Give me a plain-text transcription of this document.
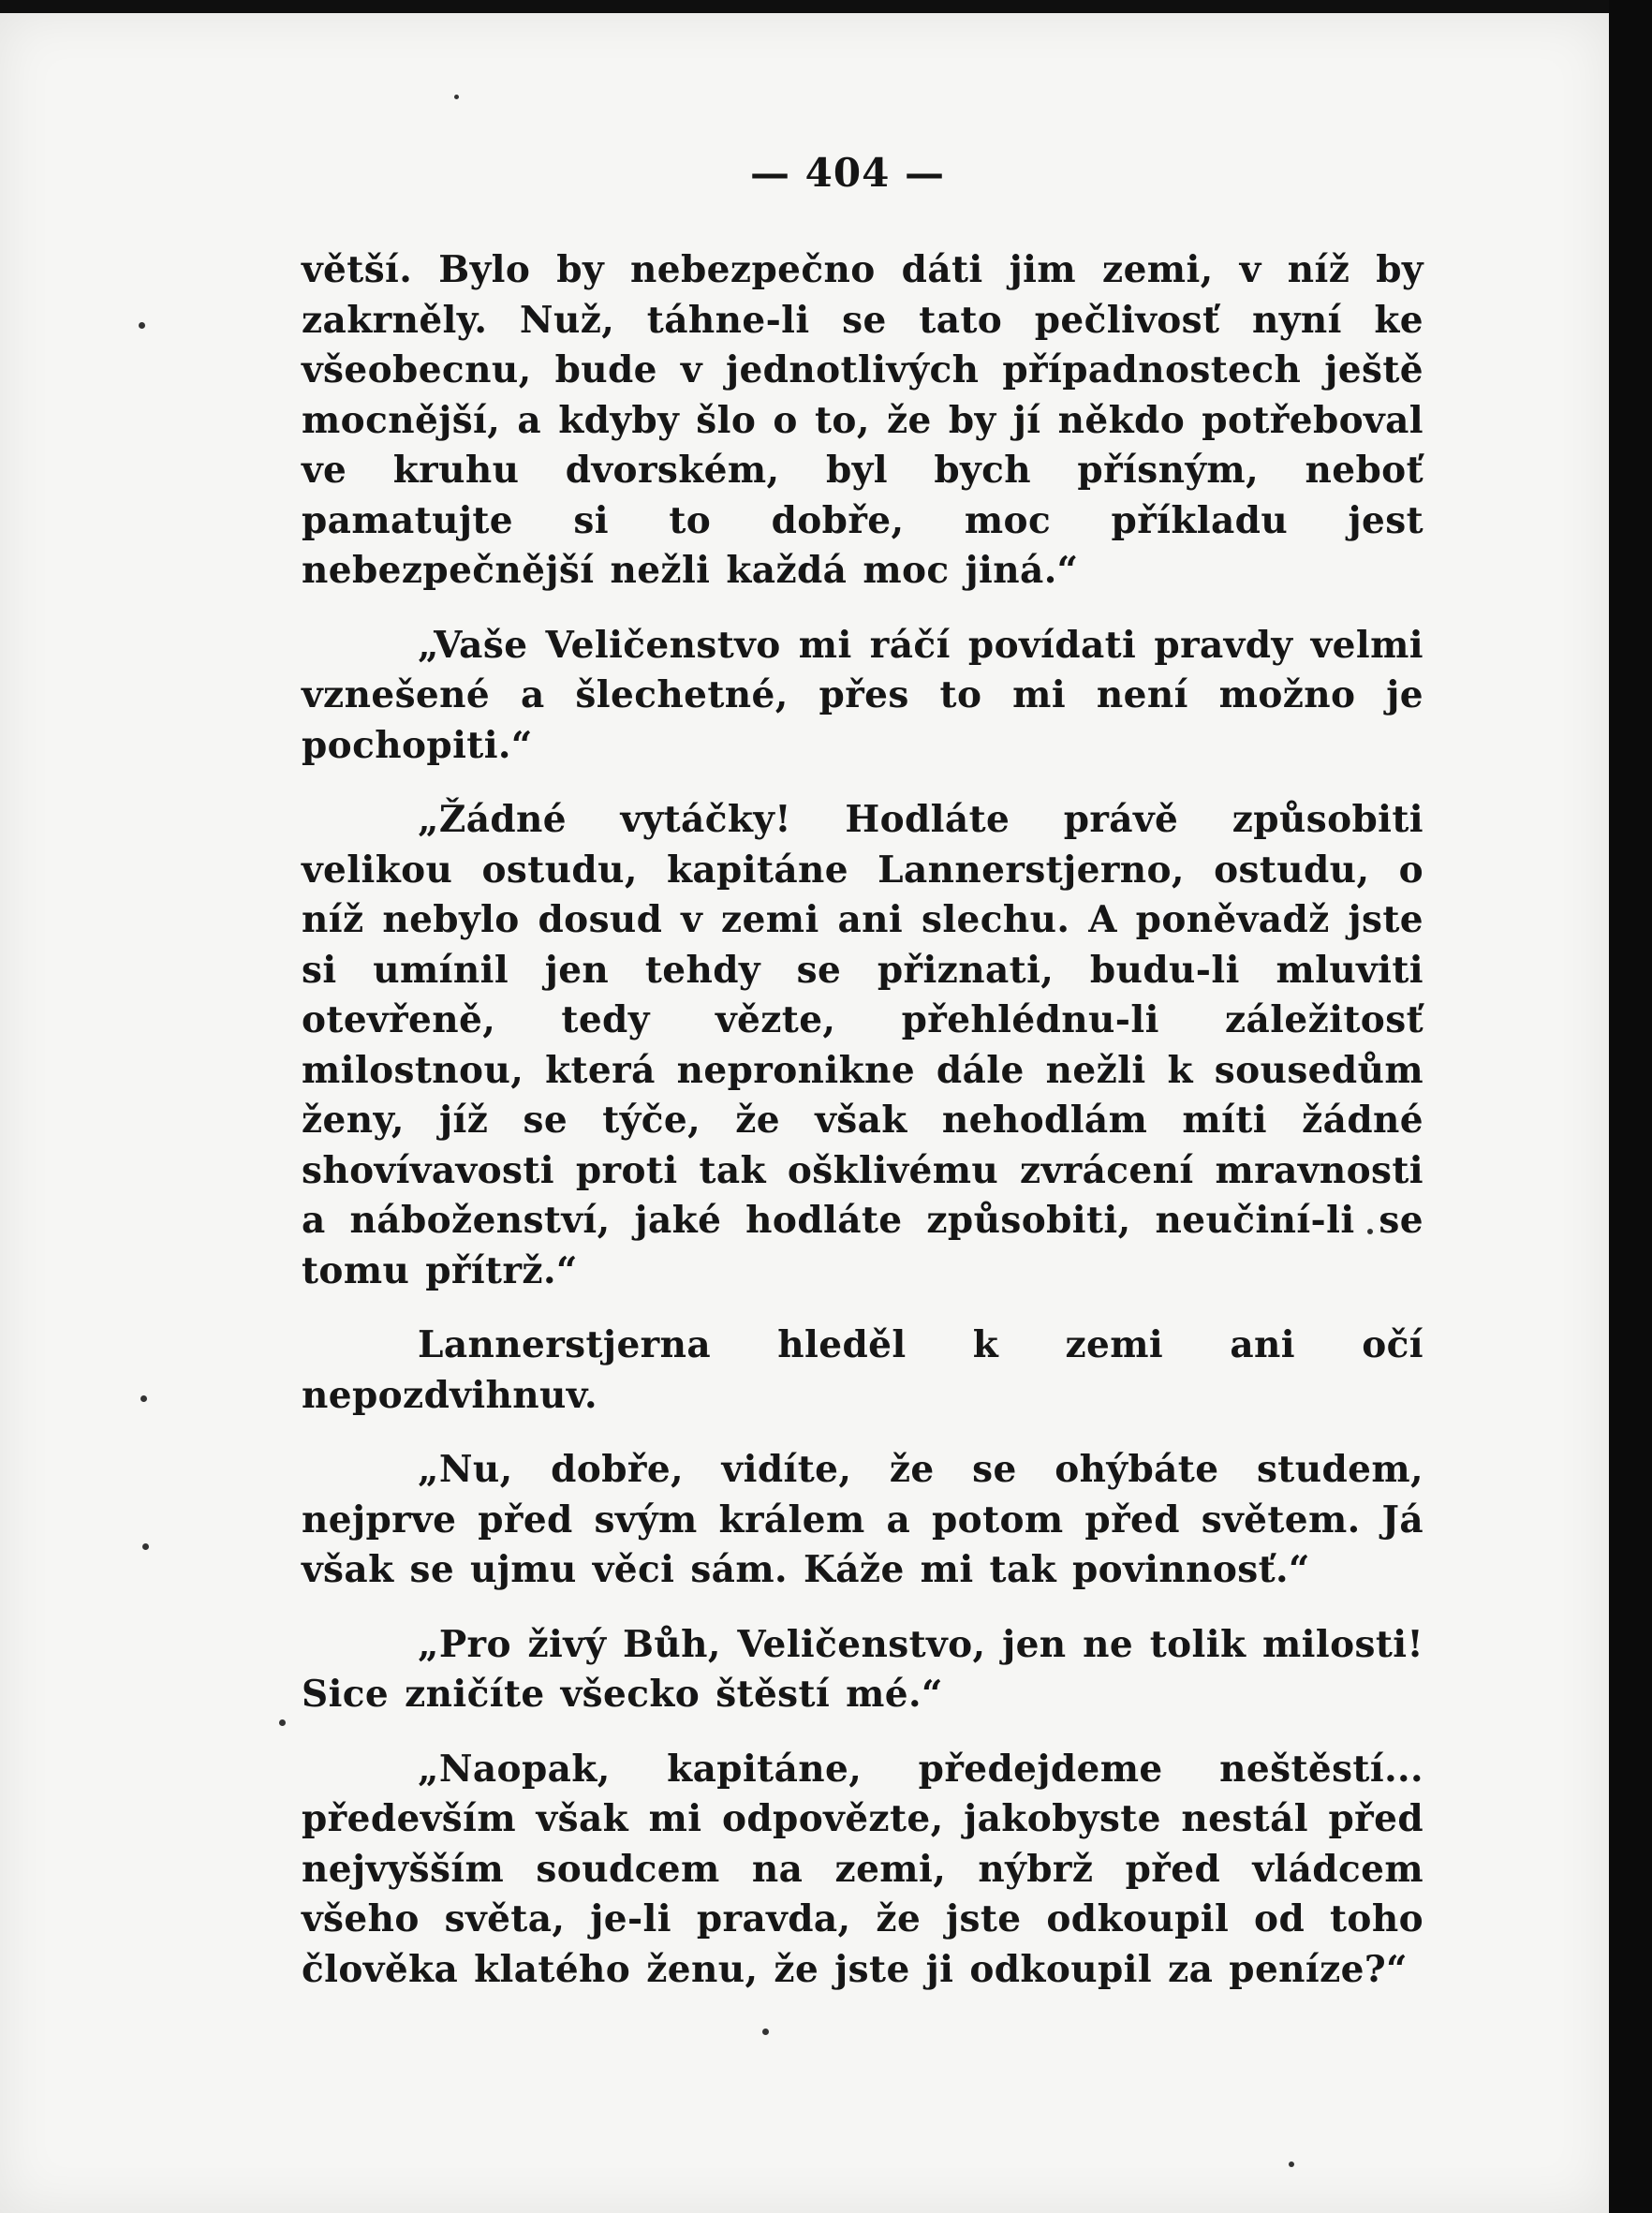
— 404 —

větší. Bylo by nebezpečno dáti jim zemi, v níž by zakrněly. Nuž, táhne-li se tato pečlivosť nyní ke všeobecnu, bude v jednotlivých případnostech ještě mocnější, a kdyby šlo o to, že by jí někdo potřeboval ve kruhu dvorském, byl bych přísným, neboť pamatujte si to dobře, moc příkladu jest nebezpečnější nežli každá moc jiná.“

„Vaše Veličenstvo mi ráčí povídati pravdy velmi vznešené a šlechetné, přes to mi není možno je pochopiti.“

„Žádné vytáčky! Hodláte právě způsobiti velikou ostudu, kapitáne Lannerstjerno, ostudu, o níž nebylo dosud v zemi ani slechu. A poněvadž jste si umínil jen tehdy se přiznati, budu-li mluviti otevřeně, tedy vězte, přehlédnu-li záležitosť milostnou, která nepronikne dále nežli k sousedům ženy, jíž se týče, že však nehodlám míti žádné shovívavosti proti tak ošklivému zvrácení mravnosti a náboženství, jaké hodláte způsobiti, neučiní-li se tomu přítrž.“

Lannerstjerna hleděl k zemi ani očí nepozdvihnuv.

„Nu, dobře, vidíte, že se ohýbáte studem, nejprve před svým králem a potom před světem. Já však se ujmu věci sám. Káže mi tak povinnosť.“

„Pro živý Bůh, Veličenstvo, jen ne tolik milosti! Sice zničíte všecko štěstí mé.“

„Naopak, kapitáne, předejdeme neštěstí... především však mi odpovězte, jakobyste nestál před nejvyšším soudcem na zemi, nýbrž před vládcem všeho světa, je-li pravda, že jste odkoupil od toho člověka klatého ženu, že jste ji odkoupil za peníze?“
